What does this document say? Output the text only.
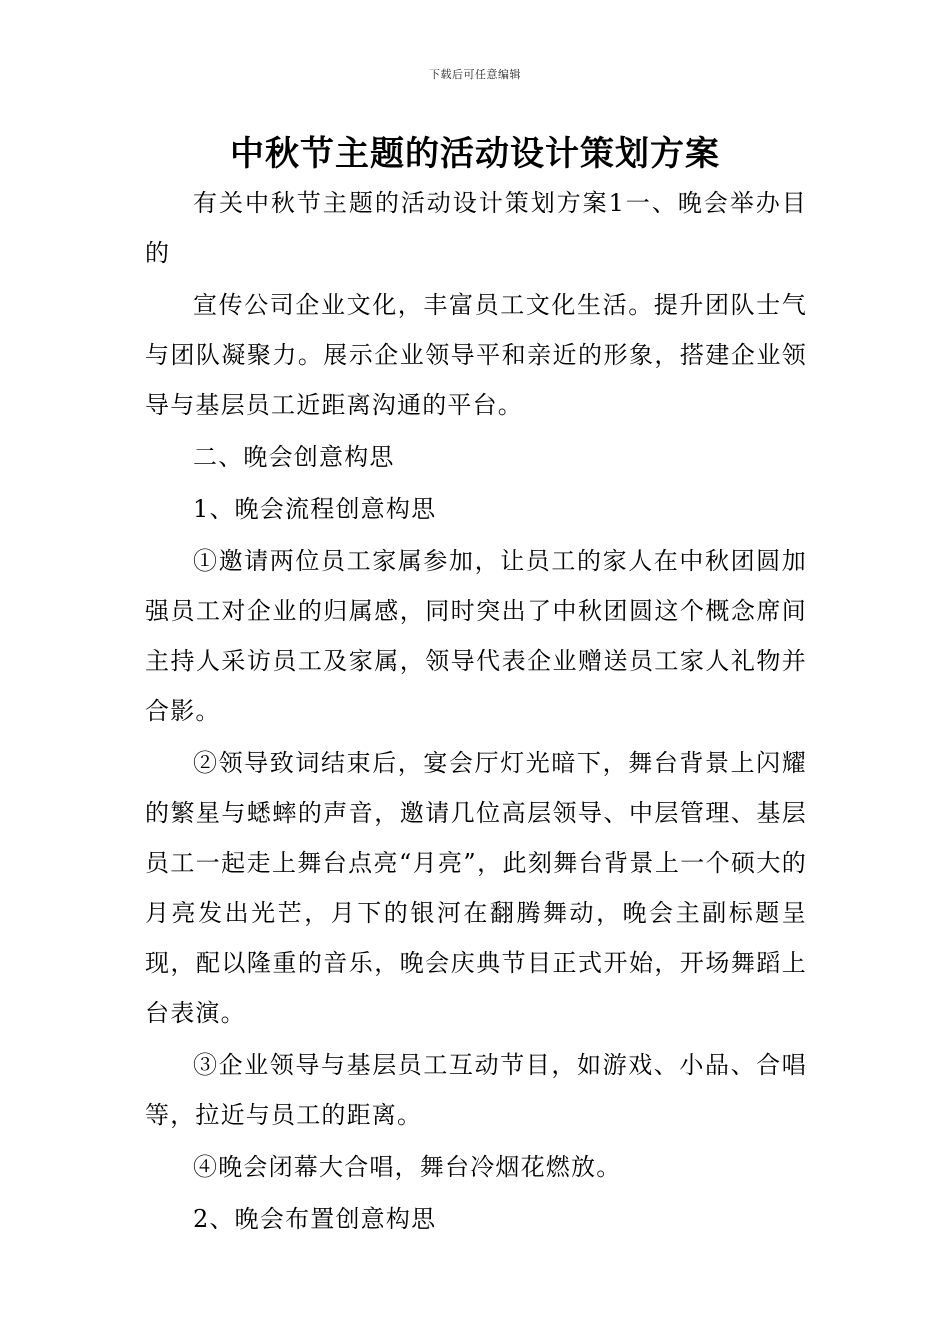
下载后可任意编辑
中秋节主题的活动设计策划方案

有关中秋节主题的活动设计策划方案1一、晚会举办目的

宣传公司企业文化，丰富员工文化生活。提升团队士气与团队凝聚力。展示企业领导平和亲近的形象，搭建企业领导与基层员工近距离沟通的平台。

二、晚会创意构思

1、晚会流程创意构思

①邀请两位员工家属参加，让员工的家人在中秋团圆加强员工对企业的归属感，同时突出了中秋团圆这个概念席间主持人采访员工及家属，领导代表企业赠送员工家人礼物并合影。

②领导致词结束后，宴会厅灯光暗下，舞台背景上闪耀的繁星与蟋蟀的声音，邀请几位高层领导、中层管理、基层员工一起走上舞台点亮“月亮”，此刻舞台背景上一个硕大的月亮发出光芒，月下的银河在翻腾舞动，晚会主副标题呈现，配以隆重的音乐，晚会庆典节目正式开始，开场舞蹈上台表演。

③企业领导与基层员工互动节目，如游戏、小品、合唱等，拉近与员工的距离。

④晚会闭幕大合唱，舞台冷烟花燃放。

2、晚会布置创意构思
